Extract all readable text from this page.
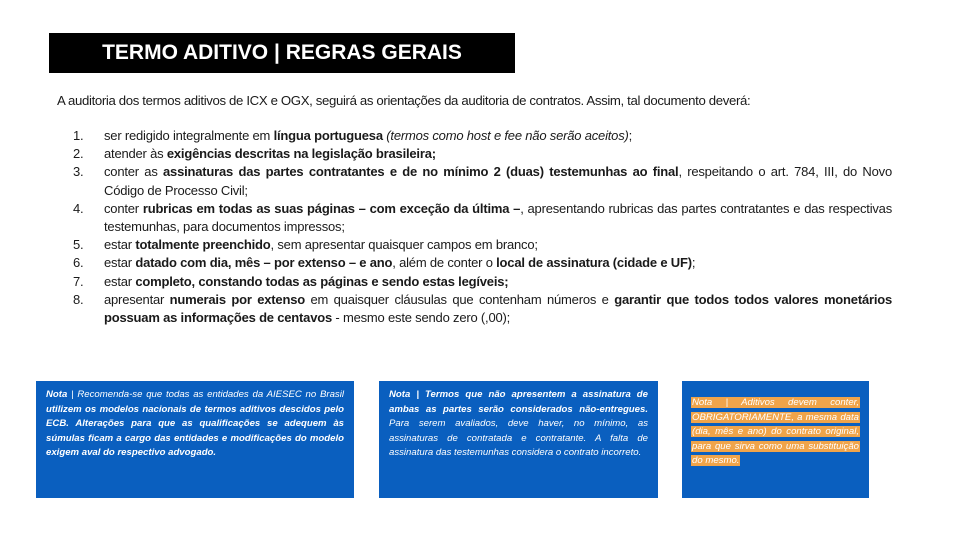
TERMO ADITIVO | REGRAS GERAIS
A auditoria dos termos aditivos de ICX e OGX, seguirá as orientações da auditoria de contratos. Assim, tal documento deverá:
1.	ser redigido integralmente em língua portuguesa (termos como host e fee não serão aceitos);
2.	atender às exigências descritas na legislação brasileira;
3.	conter as assinaturas das partes contratantes e de no mínimo 2 (duas) testemunhas ao final, respeitando o art. 784, III, do Novo Código de Processo Civil;
4.	conter rubricas em todas as suas páginas – com exceção da última –, apresentando rubricas das partes contratantes e das respectivas testemunhas, para documentos impressos;
5.	estar totalmente preenchido, sem apresentar quaisquer campos em branco;
6.	estar datado com dia, mês – por extenso – e ano, além de conter o local de assinatura (cidade e UF);
7.	estar completo, constando todas as páginas e sendo estas legíveis;
8.	apresentar numerais por extenso em quaisquer cláusulas que contenham números e garantir que todos todos valores monetários possuam as informações de centavos - mesmo este sendo zero (,00);
Nota | Recomenda-se que todas as entidades da AIESEC no Brasil utilizem os modelos nacionais de termos aditivos descidos pelo ECB. Alterações para que as qualificações se adequem às súmulas ficam a cargo das entidades e modificações do modelo exigem aval do respectivo advogado.
Nota | Termos que não apresentem a assinatura de ambas as partes serão considerados não-entregues. Para serem avaliados, deve haver, no mínimo, as assinaturas de contratada e contratante. A falta de assinatura das testemunhas considera o contrato incorreto.
Nota | Aditivos devem conter, OBRIGATORIAMENTE, a mesma data (dia, mês e ano) do contrato original, para que sirva como uma substituição do mesmo.
